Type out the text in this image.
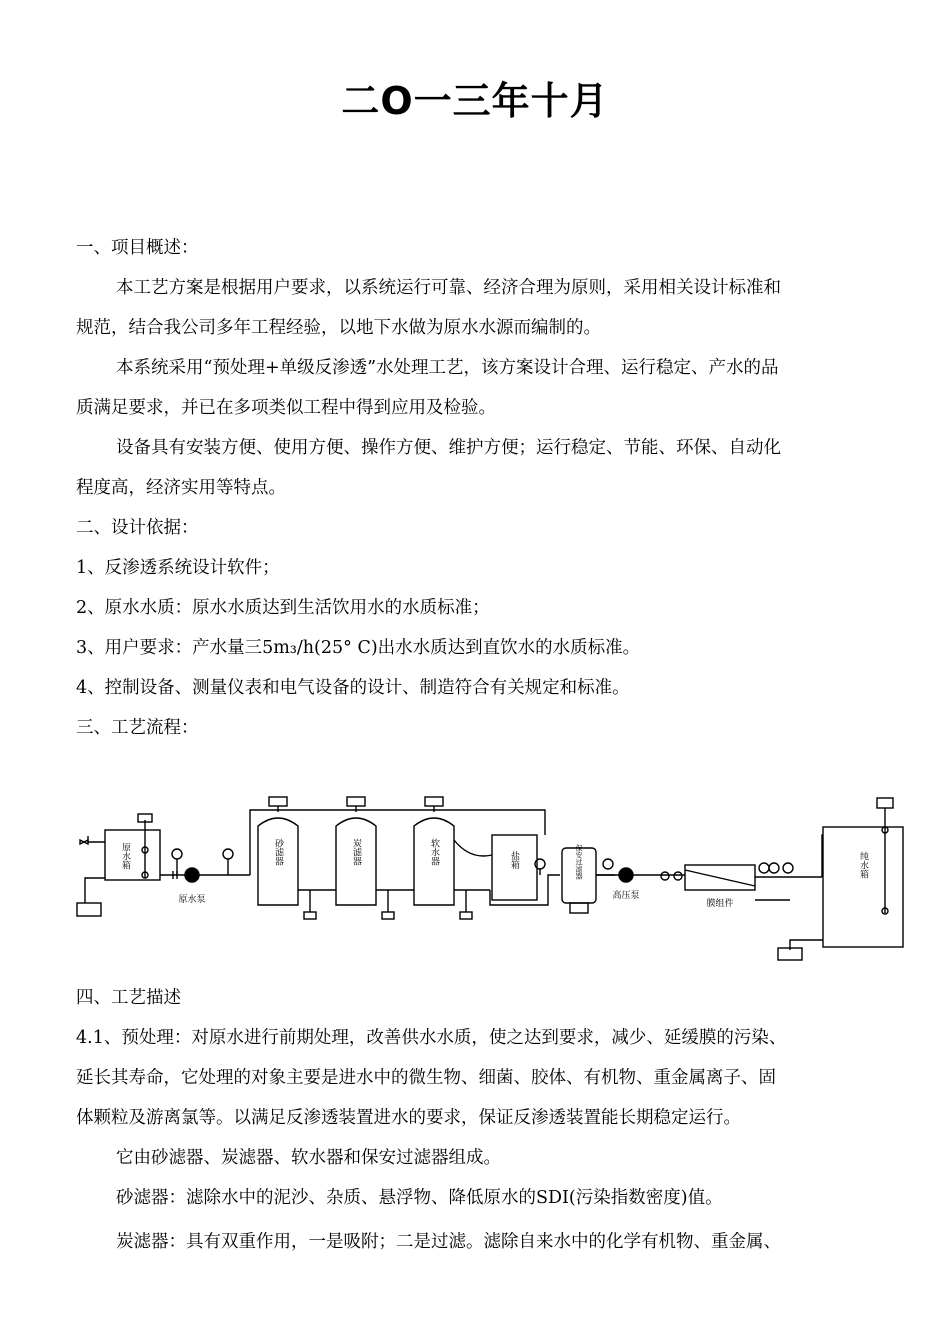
二O一三年十月
一、项目概述：
本工艺方案是根据用户要求，以系统运行可靠、经济合理为原则，采用相关设计标准和
规范，结合我公司多年工程经验，以地下水做为原水水源而编制的。
本系统采用“预处理+单级反渗透”水处理工艺，该方案设计合理、运行稳定、产水的品
质满足要求，并已在多项类似工程中得到应用及检验。
设备具有安装方便、使用方便、操作方便、维护方便；运行稳定、节能、环保、自动化
程度高，经济实用等特点。
二、设计依据：
1、反渗透系统设计软件；
2、原水水质：原水水质达到生活饮用水的水质标准；
3、用户要求：产水量三5m₃/h(25° C)出水水质达到直饮水的水质标准。
4、控制设备、测量仪表和电气设备的设计、制造符合有关规定和标准。
三、工艺流程：
原水箱
原水泵
砂滤器	炭滤器	软水器	盐箱	保安过滤器
高压泵
膜组件
纯水箱
四、工艺描述
4.1、预处理：对原水进行前期处理，改善供水水质，使之达到要求，减少、延缓膜的污染、
延长其寿命，它处理的对象主要是进水中的微生物、细菌、胶体、有机物、重金属离子、固
体颗粒及游离氯等。以满足反渗透装置进水的要求，保证反渗透装置能长期稳定运行。
它由砂滤器、炭滤器、软水器和保安过滤器组成。
砂滤器：滤除水中的泥沙、杂质、悬浮物、降低原水的SDI(污染指数密度)值。
炭滤器：具有双重作用，一是吸附；二是过滤。滤除自来水中的化学有机物、重金属、
